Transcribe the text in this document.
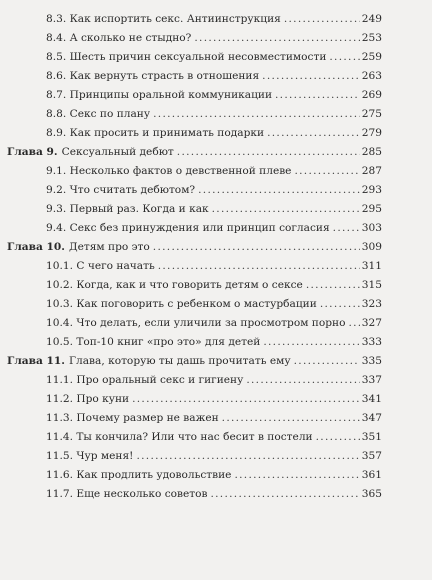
8.3. Как испортить секс. Антиинструкция .....	249
8.4. А сколько не стыдно? .....	253
8.5. Шесть причин сексуальной несовместимости .....	259
8.6. Как вернуть страсть в отношения .....	263
8.7. Принципы оральной коммуникации .....	269
8.8. Секс по плану .....	275
8.9. Как просить и принимать подарки .....	279
Глава 9. Сексуальный дебют .....	285
9.1. Несколько фактов о девственной плеве .....	287
9.2. Что считать дебютом? .....	293
9.3. Первый раз. Когда и как .....	295
9.4. Секс без принуждения или принцип согласия .....	303
Глава 10. Детям про это .....	309
10.1. С чего начать .....	311
10.2. Когда, как и что говорить детям о сексе .....	315
10.3. Как поговорить с ребенком о мастурбации .....	323
10.4. Что делать, если уличили за просмотром порно ..... 327
10.5. Топ-10 книг «про это» для детей .....	333
Глава 11. Глава, которую ты дашь прочитать ему .....	335
11.1. Про оральный секс и гигиену .....	337
11.2. Про куни .....	341
11.3. Почему размер не важен .....	347
11.4. Ты кончила? Или что нас бесит в постели .....	351
11.5. Чур меня! .....	357
11.6. Как продлить удовольствие .....	361
11.7. Еще несколько советов .....	365
